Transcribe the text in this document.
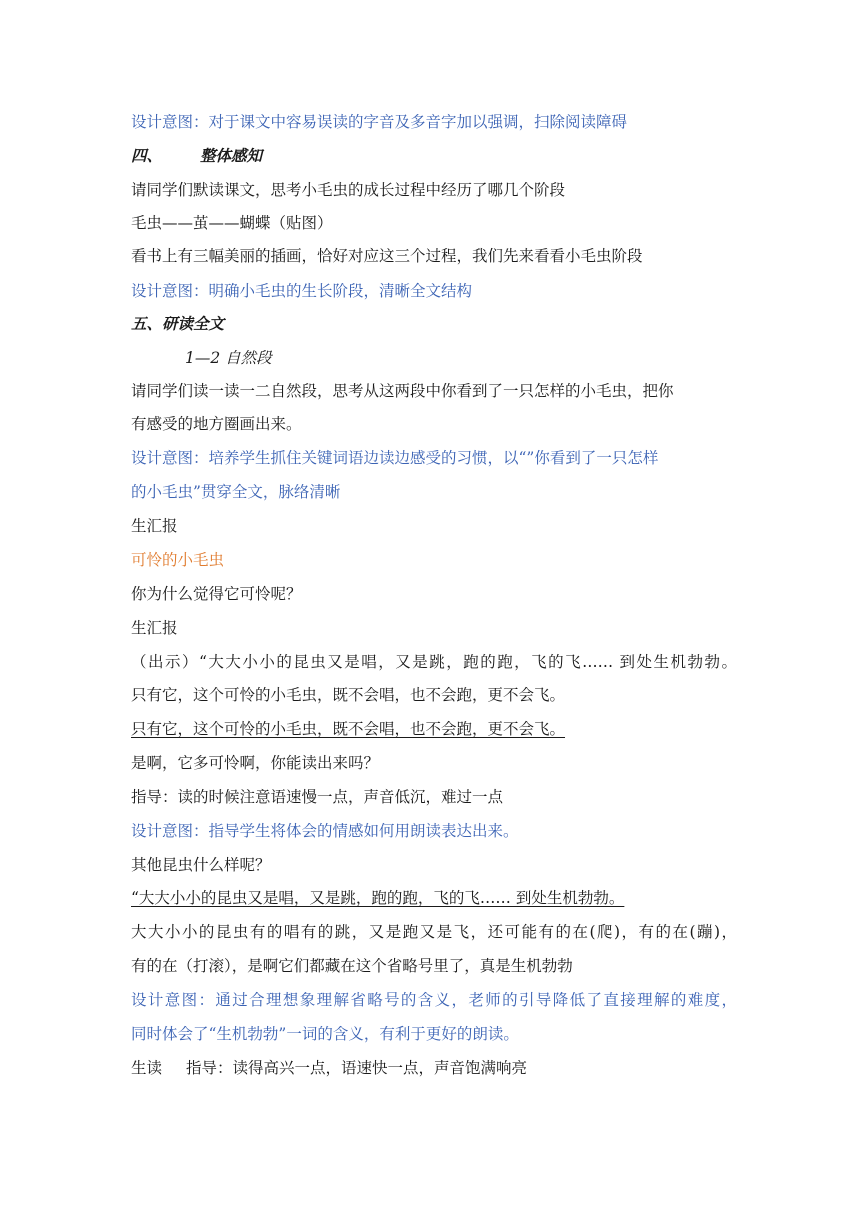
设计意图：对于课文中容易误读的字音及多音字加以强调，扫除阅读障碍
四、 整体感知
请同学们默读课文，思考小毛虫的成长过程中经历了哪几个阶段
毛虫——茧——蝴蝶（贴图）
看书上有三幅美丽的插画，恰好对应这三个过程，我们先来看看小毛虫阶段
设计意图：明确小毛虫的生长阶段，清晰全文结构
五、研读全文
1—2 自然段
请同学们读一读一二自然段，思考从这两段中你看到了一只怎样的小毛虫，把你
有感受的地方圈画出来。
设计意图：培养学生抓住关键词语边读边感受的习惯，以“”你看到了一只怎样
的小毛虫”贯穿全文，脉络清晰
生汇报
可怜的小毛虫
你为什么觉得它可怜呢？
生汇报
（出示）“大大小小的昆虫又是唱，又是跳，跑的跑，飞的飞…… 到处生机勃勃。
只有它，这个可怜的小毛虫，既不会唱，也不会跑，更不会飞。
只有它，这个可怜的小毛虫，既不会唱，也不会跑，更不会飞。
是啊，它多可怜啊，你能读出来吗？
指导：读的时候注意语速慢一点，声音低沉，难过一点
设计意图：指导学生将体会的情感如何用朗读表达出来。
其他昆虫什么样呢？
“大大小小的昆虫又是唱，又是跳，跑的跑，飞的飞…… 到处生机勃勃。
大大小小的昆虫有的唱有的跳，又是跑又是飞，还可能有的在(爬)，有的在(蹦)，
有的在（打滚），是啊它们都藏在这个省略号里了，真是生机勃勃
设计意图：通过合理想象理解省略号的含义，老师的引导降低了直接理解的难度，
同时体会了“生机勃勃”一词的含义，有利于更好的朗读。
生读 指导：读得高兴一点，语速快一点，声音饱满响亮
